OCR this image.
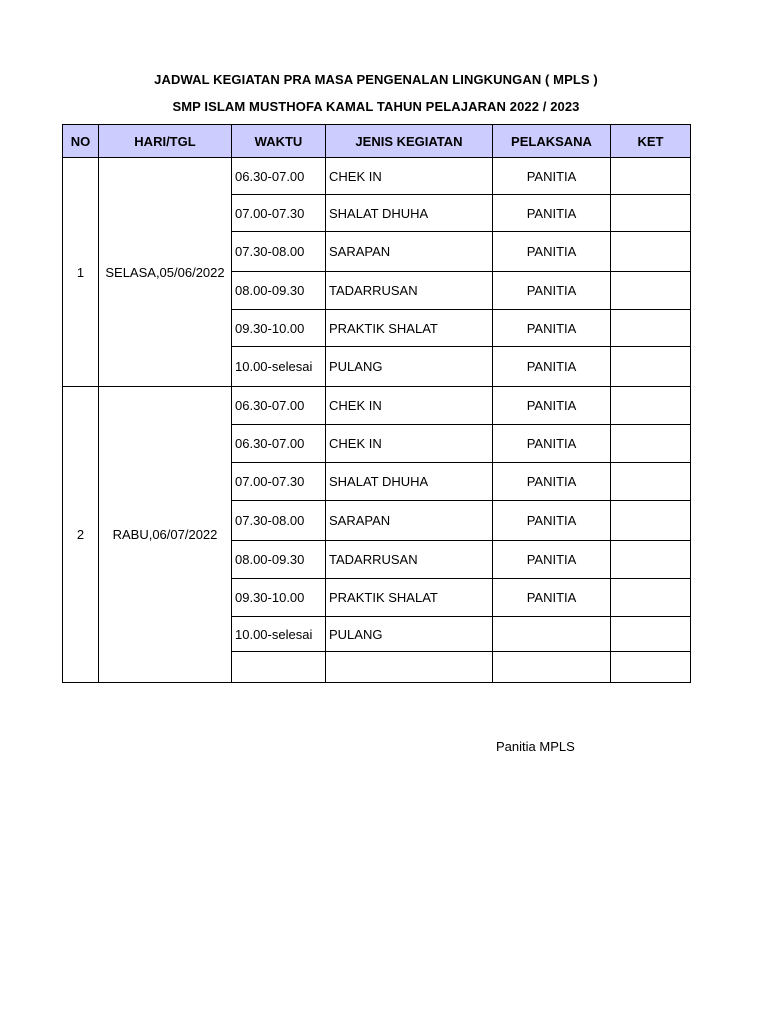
JADWAL KEGIATAN PRA MASA PENGENALAN LINGKUNGAN ( MPLS )
SMP ISLAM MUSTHOFA KAMAL TAHUN PELAJARAN 2022 / 2023
NO	HARI/TGL	WAKTU	JENIS KEGIATAN	PELAKSANA	KET
1	SELASA,05/06/2022	06.30-07.00	CHEK IN	PANITIA	
		07.00-07.30	SHALAT DHUHA	PANITIA	
		07.30-08.00	SARAPAN	PANITIA	
		08.00-09.30	TADARRUSAN	PANITIA	
		09.30-10.00	PRAKTIK SHALAT	PANITIA	
		10.00-selesai	PULANG	PANITIA	
2	RABU,06/07/2022	06.30-07.00	CHEK IN	PANITIA	
		06.30-07.00	CHEK IN	PANITIA	
		07.00-07.30	SHALAT DHUHA	PANITIA	
		07.30-08.00	SARAPAN	PANITIA	
		08.00-09.30	TADARRUSAN	PANITIA	
		09.30-10.00	PRAKTIK SHALAT	PANITIA	
		10.00-selesai	PULANG		

Panitia MPLS
